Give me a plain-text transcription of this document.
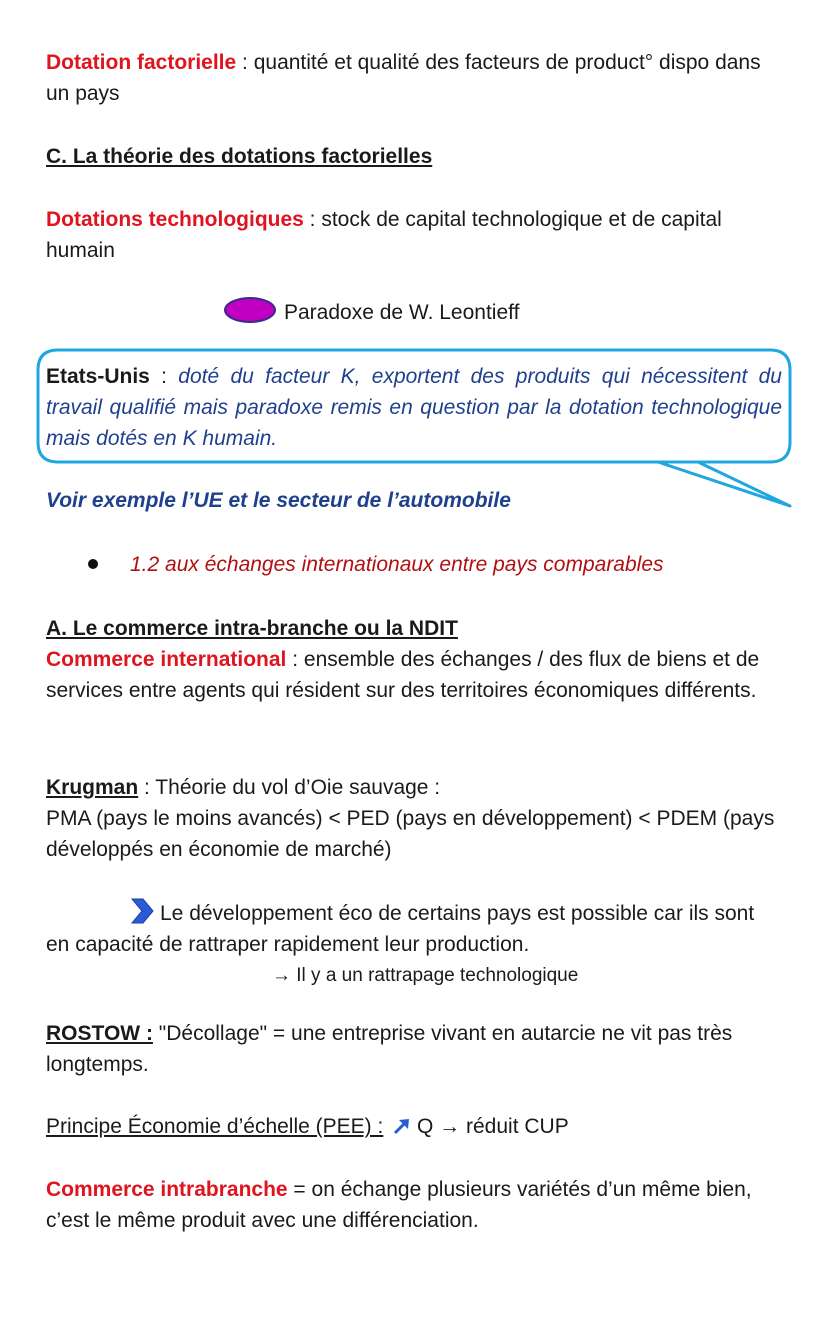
Dotation factorielle : quantité et qualité des facteurs de product° dispo dans un pays
C. La théorie des dotations factorielles
Dotations technologiques : stock de capital technologique et de capital humain
Paradoxe de W. Leontieff
Etats-Unis : doté du facteur K, exportent des produits qui nécessitent du travail qualifié mais paradoxe remis en question par la dotation technologique mais dotés en K humain.
Voir exemple l’UE et le secteur de l’automobile
1.2 aux échanges internationaux entre pays comparables
A. Le commerce intra-branche ou la NDIT
Commerce international : ensemble des échanges / des flux de biens et de services entre agents qui résident sur des territoires économiques différents.
Krugman : Théorie du vol d’Oie sauvage :
PMA (pays le moins avancés) < PED (pays en développement) < PDEM (pays développés en économie de marché)
Le développement éco de certains pays est possible car ils sont en capacité de rattraper rapidement leur production.
→ Il y a un rattrapage technologique
ROSTOW : "Décollage" = une entreprise vivant en autarcie ne vit pas très longtemps.
Principe Économie d’échelle (PEE) :  Q → réduit CUP
Commerce intrabranche = on échange plusieurs variétés d’un même bien, c’est le même produit avec une différenciation.
